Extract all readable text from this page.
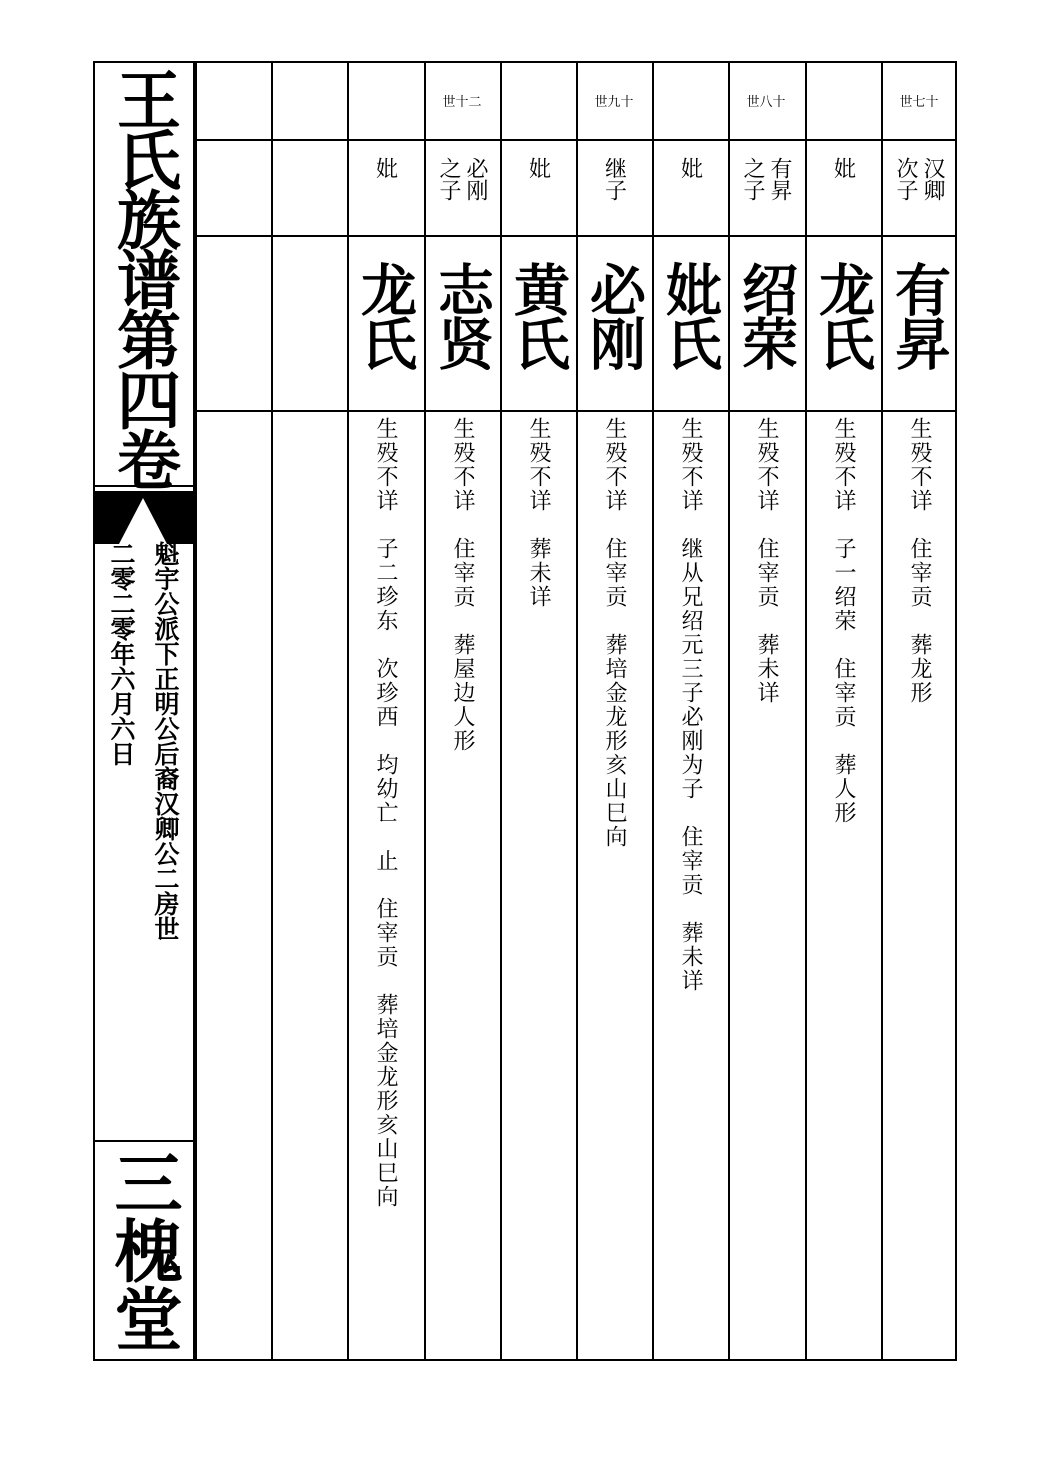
王氏族谱第四卷
魁宇公派下正明公后裔汉卿公二房世
二零二零年六月六日
三槐堂
世七十
汉卿
次子
有昇
生殁不详　住宰贡　葬龙形
妣
龙氏
生殁不详　子一绍荣　住宰贡　葬人形
世八十
有昇
之子
绍荣
生殁不详　住宰贡　葬未详
妣
妣氏
生殁不详　继从兄绍元三子必刚为子　住宰贡　葬未详
世九十
继子
必刚
生殁不详　住宰贡　葬培金龙形亥山巳向
妣
黄氏
生殁不详　葬未详
世十二
必刚
之子
志贤
生殁不详　住宰贡　葬屋边人形
妣
龙氏
生殁不详　子二珍东　次珍西　均幼亡　止　住宰贡　葬培金龙形亥山巳向
